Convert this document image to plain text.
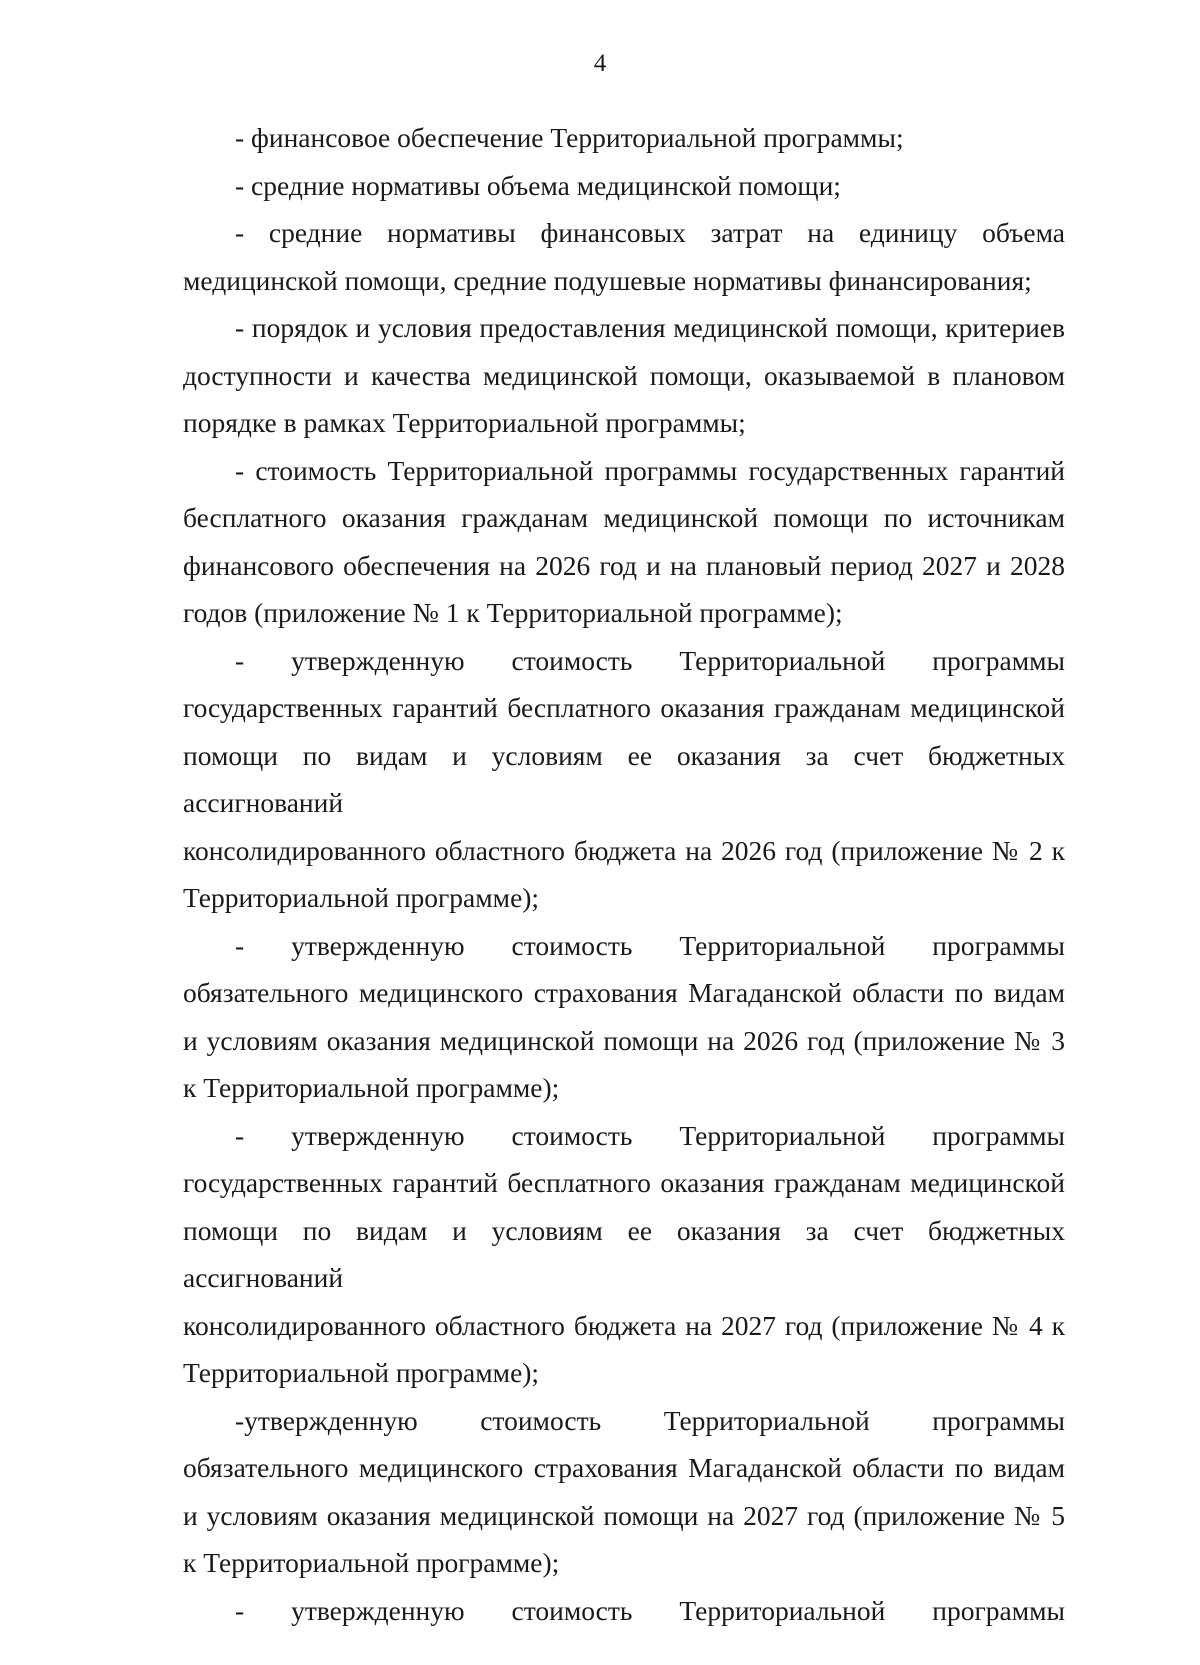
4
- финансовое обеспечение Территориальной программы;
- средние нормативы объема медицинской помощи;
- средние нормативы финансовых затрат на единицу объема
медицинской помощи, средние подушевые нормативы финансирования;
- порядок и условия предоставления медицинской помощи, критериев
доступности и качества медицинской помощи, оказываемой в плановом
порядке в рамках Территориальной программы;
- стоимость Территориальной программы государственных гарантий
бесплатного оказания гражданам медицинской помощи по источникам
финансового обеспечения на 2026 год и на плановый период 2027 и 2028
годов (приложение № 1 к Территориальной программе);
- утвержденную стоимость Территориальной программы
государственных гарантий бесплатного оказания гражданам медицинской
помощи по видам и условиям ее оказания за счет бюджетных ассигнований
консолидированного областного бюджета на 2026 год (приложение № 2 к
Территориальной программе);
- утвержденную стоимость Территориальной программы
обязательного медицинского страхования Магаданской области по видам
и условиям оказания медицинской помощи на 2026 год (приложение № 3
к Территориальной программе);
- утвержденную стоимость Территориальной программы
государственных гарантий бесплатного оказания гражданам медицинской
помощи по видам и условиям ее оказания за счет бюджетных ассигнований
консолидированного областного бюджета на 2027 год (приложение № 4 к
Территориальной программе);
-утвержденную стоимость Территориальной программы
обязательного медицинского страхования Магаданской области по видам
и условиям оказания медицинской помощи на 2027 год (приложение № 5
к Территориальной программе);
- утвержденную стоимость Территориальной программы
